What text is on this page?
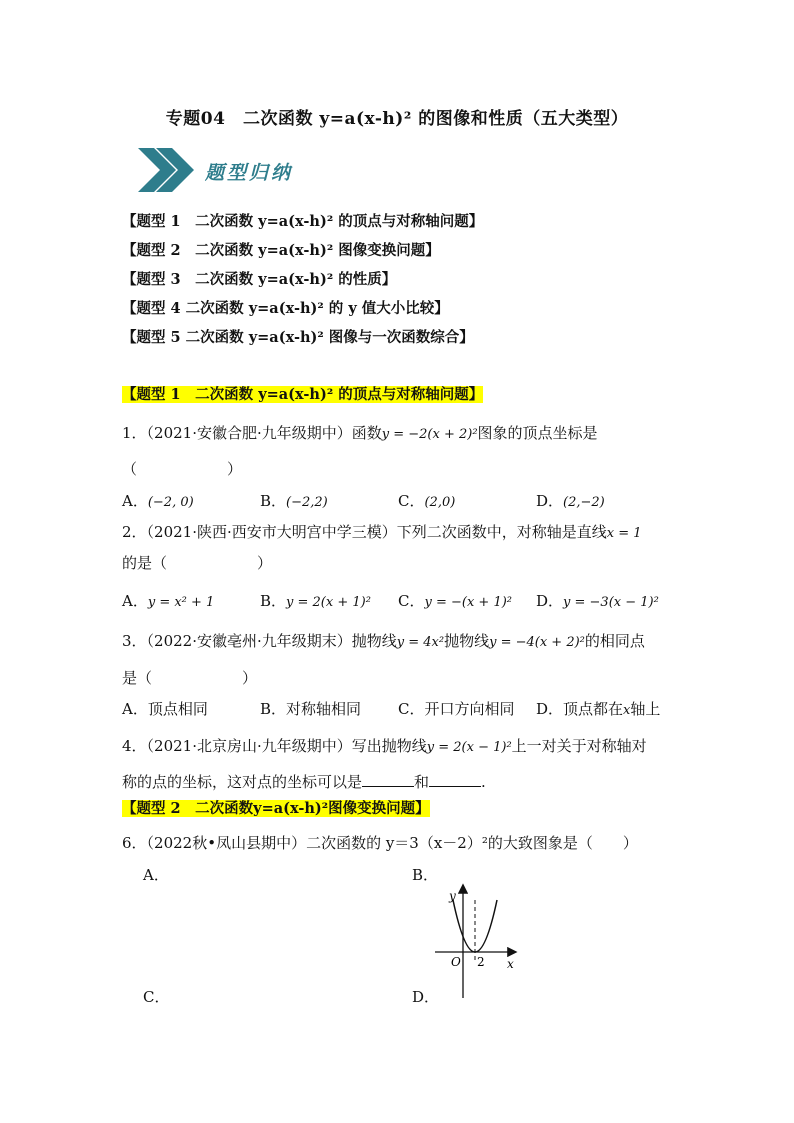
专题04　二次函数 y=a(x-h)² 的图像和性质（五大类型）
题型归纳
【题型 1　二次函数 y=a(x-h)² 的顶点与对称轴问题】
【题型 2　二次函数 y=a(x-h)² 图像变换问题】
【题型 3　二次函数 y=a(x-h)² 的性质】
【题型 4 二次函数 y=a(x-h)² 的 y 值大小比较】
【题型 5 二次函数 y=a(x-h)² 图像与一次函数综合】
【题型 1　二次函数 y=a(x-h)² 的顶点与对称轴问题】
1．（2021·安徽合肥·九年级期中）函数y = −2(x + 2)²图象的顶点坐标是
（　　　　　　）
A．(−2, 0)	B．(−2,2)	C．(2,0)	D．(2,−2)
2．（2021·陕西·西安市大明宫中学三模）下列二次函数中，对称轴是直线x = 1
的是（　　　　　　）
A．y = x² + 1	B．y = 2(x + 1)² C．y = −(x + 1)² D．y = −3(x − 1)²
3．（2022·安徽亳州·九年级期末）抛物线y = 4x²抛物线y = −4(x + 2)²的相同点
是（　　　　　　）
A．顶点相同	B．对称轴相同 C．开口方向相同 D．顶点都在x轴上
4．（2021·北京房山·九年级期中）写出抛物线y = 2(x − 1)²上一对关于对称轴对
称的点的坐标，这对点的坐标可以是	和	.
【题型 2　二次函数y=a(x-h)²图像变换问题】
6．（2022秋•凤山县期中）二次函数的 y＝3（x－2）²的大致图象是（　　）
A．	B．
C．	D．
y
x
O 2
